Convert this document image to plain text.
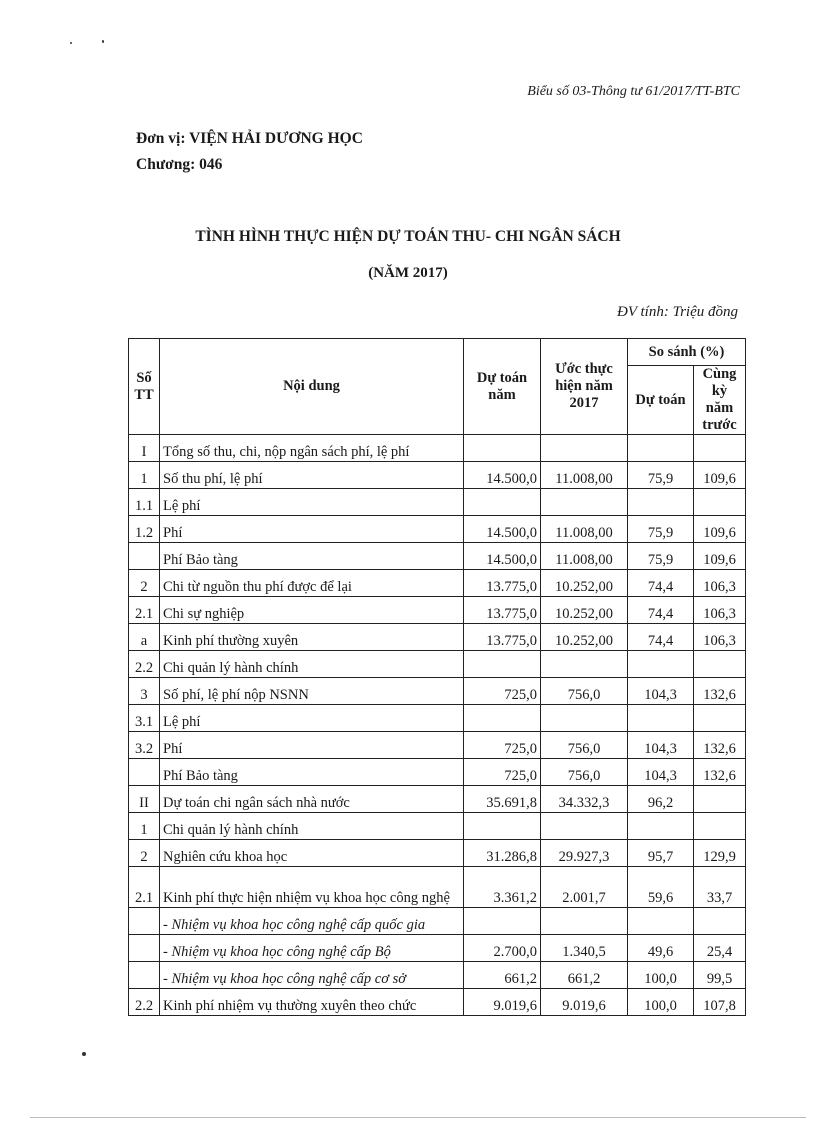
Biểu số 03-Thông tư 61/2017/TT-BTC
Đơn vị: VIỆN HẢI DƯƠNG HỌC
Chương: 046
TÌNH HÌNH THỰC HIỆN DỰ TOÁN THU- CHI NGÂN SÁCH
(NĂM 2017)
ĐV tính: Triệu đồng
Số TT	Nội dung	Dự toán năm	Ước thực hiện năm 2017	So sánh (%)	
				Dự toán	Cùng kỳ năm trước
I	Tổng số thu, chi, nộp ngân sách phí, lệ phí				
1	Số thu phí, lệ phí	14.500,0	11.008,00	75,9	109,6
1.1	Lệ phí				
1.2	Phí	14.500,0	11.008,00	75,9	109,6
	Phí Bảo tàng	14.500,0	11.008,00	75,9	109,6
2	Chi từ nguồn thu phí được để lại	13.775,0	10.252,00	74,4	106,3
2.1	Chi sự nghiệp	13.775,0	10.252,00	74,4	106,3
a	Kinh phí thường xuyên	13.775,0	10.252,00	74,4	106,3
2.2	Chi quản lý hành chính				
3	Số phí, lệ phí nộp NSNN	725,0	756,0	104,3	132,6
3.1	Lệ phí				
3.2	Phí	725,0	756,0	104,3	132,6
	Phí Bảo tàng	725,0	756,0	104,3	132,6
II	Dự toán chi ngân sách nhà nước	35.691,8	34.332,3	96,2	
1	Chi quản lý hành chính				
2	Nghiên cứu khoa học	31.286,8	29.927,3	95,7	129,9
2.1	Kinh phí thực hiện nhiệm vụ khoa học công nghệ	3.361,2	2.001,7	59,6	33,7
	- Nhiệm vụ khoa học công nghệ cấp quốc gia				
	- Nhiệm vụ khoa học công nghệ cấp Bộ	2.700,0	1.340,5	49,6	25,4
	- Nhiệm vụ khoa học công nghệ cấp cơ sở	661,2	661,2	100,0	99,5
2.2	Kinh phí nhiệm vụ thường xuyên theo chức	9.019,6	9.019,6	100,0	107,8
